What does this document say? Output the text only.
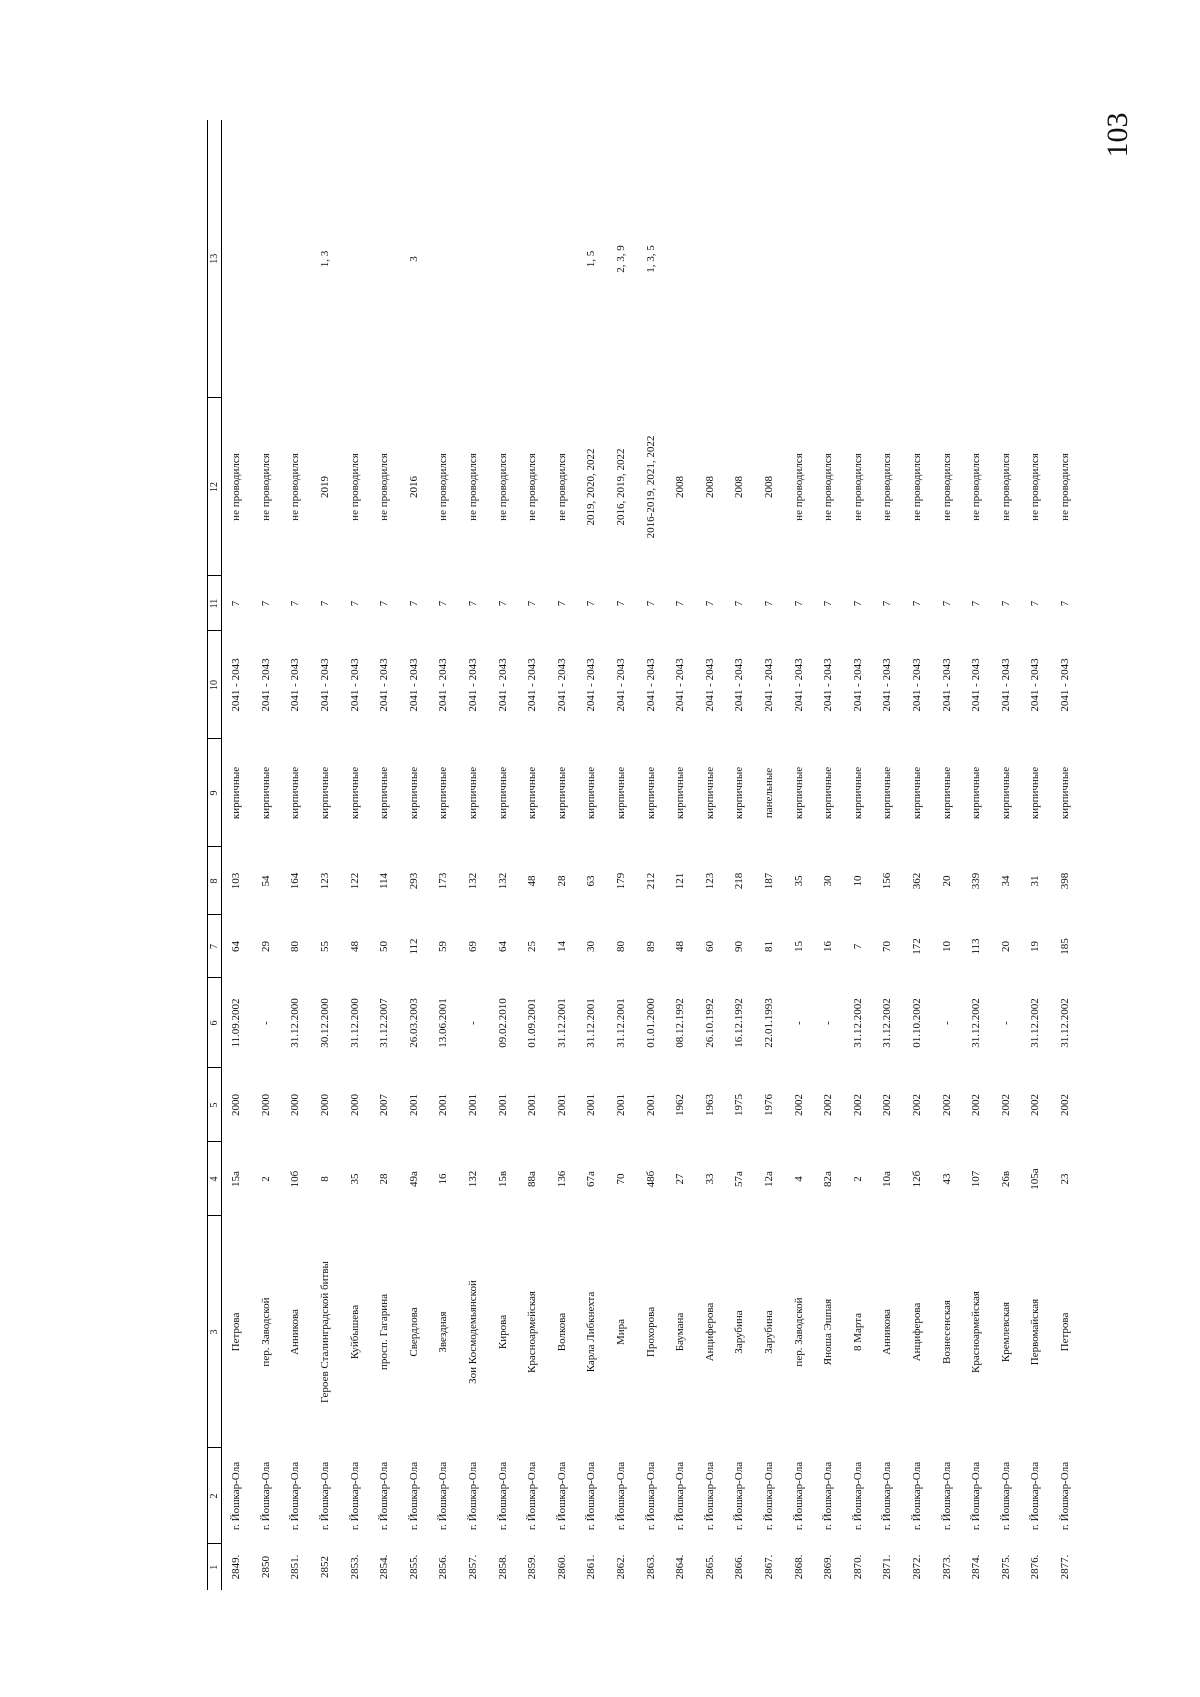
103
1	2	3	4	5	6	7	8	9	10	11	12	13
2849.	г. Йошкар-Ола	Петрова	15а	2000	11.09.2002	64	103	кирпичные	2041 - 2043	7	не проводился	
2850	г. Йошкар-Ола	пер. Заводской	2	2000	-	29	54	кирпичные	2041 - 2043	7	не проводился	
2851.	г. Йошкар-Ола	Анникова	10б	2000	31.12.2000	80	164	кирпичные	2041 - 2043	7	не проводился	
2852	г. Йошкар-Ола	Героев Сталинградской битвы	8	2000	30.12.2000	55	123	кирпичные	2041 - 2043	7	2019	1, 3
2853.	г. Йошкар-Ола	Куйбышева	35	2000	31.12.2000	48	122	кирпичные	2041 - 2043	7	не проводился	
2854.	г. Йошкар-Ола	просп. Гагарина	28	2007	31.12.2007	50	114	кирпичные	2041 - 2043	7	не проводился	
2855.	г. Йошкар-Ола	Свердлова	49а	2001	26.03.2003	112	293	кирпичные	2041 - 2043	7	2016	3
2856.	г. Йошкар-Ола	Звездная	16	2001	13.06.2001	59	173	кирпичные	2041 - 2043	7	не проводился	
2857.	г. Йошкар-Ола	Зои Космодемьянской	132	2001	-	69	132	кирпичные	2041 - 2043	7	не проводился	
2858.	г. Йошкар-Ола	Кирова	15в	2001	09.02.2010	64	132	кирпичные	2041 - 2043	7	не проводился	
2859.	г. Йошкар-Ола	Красноармейская	88а	2001	01.09.2001	25	48	кирпичные	2041 - 2043	7	не проводился	
2860.	г. Йошкар-Ола	Волкова	136	2001	31.12.2001	14	28	кирпичные	2041 - 2043	7	не проводился	
2861.	г. Йошкар-Ола	Карла Либкнехта	67а	2001	31.12.2001	30	63	кирпичные	2041 - 2043	7	2019, 2020, 2022	1, 5
2862.	г. Йошкар-Ола	Мира	70	2001	31.12.2001	80	179	кирпичные	2041 - 2043	7	2016, 2019, 2022	2, 3, 9
2863.	г. Йошкар-Ола	Прохорова	48б	2001	01.01.2000	89	212	кирпичные	2041 - 2043	7	2016-2019, 2021, 2022	1, 3, 5
2864.	г. Йошкар-Ола	Баумана	27	1962	08.12.1992	48	121	кирпичные	2041 - 2043	7	2008	
2865.	г. Йошкар-Ола	Анциферова	33	1963	26.10.1992	60	123	кирпичные	2041 - 2043	7	2008	
2866.	г. Йошкар-Ола	Зарубина	57а	1975	16.12.1992	90	218	кирпичные	2041 - 2043	7	2008	
2867.	г. Йошкар-Ола	Зарубина	12а	1976	22.01.1993	81	187	панельные	2041 - 2043	7	2008	
2868.	г. Йошкар-Ола	пер. Заводской	4	2002	-	15	35	кирпичные	2041 - 2043	7	не проводился	
2869.	г. Йошкар-Ола	Яноша Эшпая	82а	2002	-	16	30	кирпичные	2041 - 2043	7	не проводился	
2870.	г. Йошкар-Ола	8 Марта	2	2002	31.12.2002	7	10	кирпичные	2041 - 2043	7	не проводился	
2871.	г. Йошкар-Ола	Анникова	10а	2002	31.12.2002	70	156	кирпичные	2041 - 2043	7	не проводился	
2872.	г. Йошкар-Ола	Анциферова	12б	2002	01.10.2002	172	362	кирпичные	2041 - 2043	7	не проводился	
2873.	г. Йошкар-Ола	Вознесенская	43	2002	-	10	20	кирпичные	2041 - 2043	7	не проводился	
2874.	г. Йошкар-Ола	Красноармейская	107	2002	31.12.2002	113	339	кирпичные	2041 - 2043	7	не проводился	
2875.	г. Йошкар-Ола	Кремлевская	26в	2002	-	20	34	кирпичные	2041 - 2043	7	не проводился	
2876.	г. Йошкар-Ола	Первомайская	105а	2002	31.12.2002	19	31	кирпичные	2041 - 2043	7	не проводился	
2877.	г. Йошкар-Ола	Петрова	23	2002	31.12.2002	185	398	кирпичные	2041 - 2043	7	не проводился	
